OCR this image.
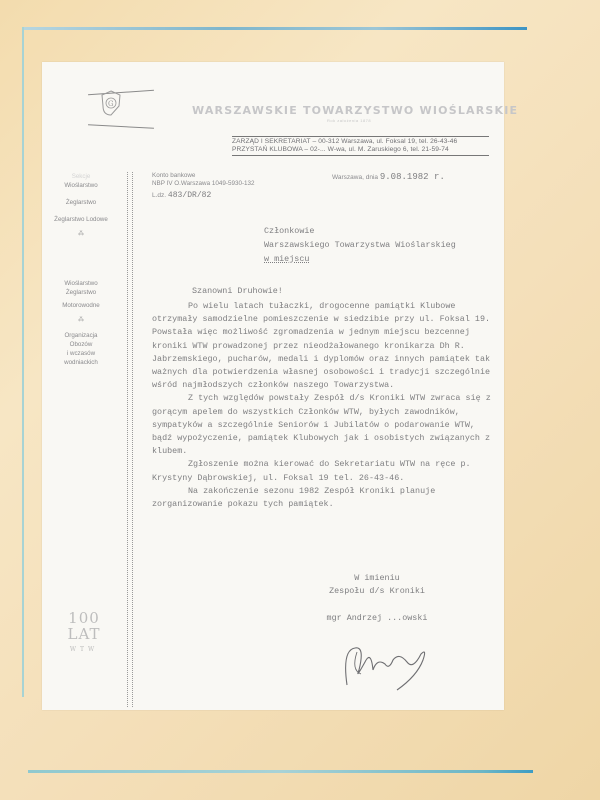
G	WARSZAWSKIE TOWARZYSTWO WIOŚLARSKIE
Rok założenia 1878
ZARZĄD I SEKRETARIAT – 00-312 Warszawa, ul. Foksal 19, tel. 26-43-46
PRZYSTAŃ KLUBOWA – 02-... W-wa, ul. M. Zaruskiego 6, tel. 21-59-74
Sekcje
Wioślarstwo
Żeglarstwo
Żeglarstwo Lodowe
⁂
Wioślarstwo
Żeglarstwo
Motorowodne
⁂
Organizacja
Obozów
i wczasów
wodniackich
100
LAT
WTW
Konto bankowe
NBP IV O.Warszawa 1049-5930-132
L.dz. 483/DR/82
Warszawa, dnia 9.08.1982 r.
Członkowie
Warszawskiego Towarzystwa Wioślarskieg
w miejscu
Szanowni Druhowie!

Po wielu latach tułaczki, drogocenne pamiątki Klubowe otrzymały samodzielne pomieszczenie w siedzibie przy ul. Foksal 19. Powstała więc możliwość zgromadzenia w jednym miejscu bezcennej kroniki WTW prowadzonej przez nieodżałowanego kronikarza Dh R. Jabrzemskiego, pucharów, medali i dyplomów oraz innych pamiątek tak ważnych dla potwierdzenia własnej osobowości i tradycji szczególnie wśród najmłodszych członków naszego Towarzystwa.

Z tych względów powstały Zespół d/s Kroniki WTW zwraca się z gorącym apelem do wszystkich Członków WTW, byłych zawodników, sympatyków a szczególnie Seniorów i Jubilatów o podarowanie WTW, bądź wypożyczenie, pamiątek Klubowych jak i osobistych związanych z klubem.

Zgłoszenie można kierować do Sekretariatu WTW na ręce p. Krystyny Dąbrowskiej, ul. Foksal 19 tel. 26-43-46.

Na zakończenie sezonu 1982 Zespół Kroniki planuje zorganizowanie pokazu tych pamiątek.

W imieniu
Zespołu d/s Kroniki
mgr Andrzej ...owski
